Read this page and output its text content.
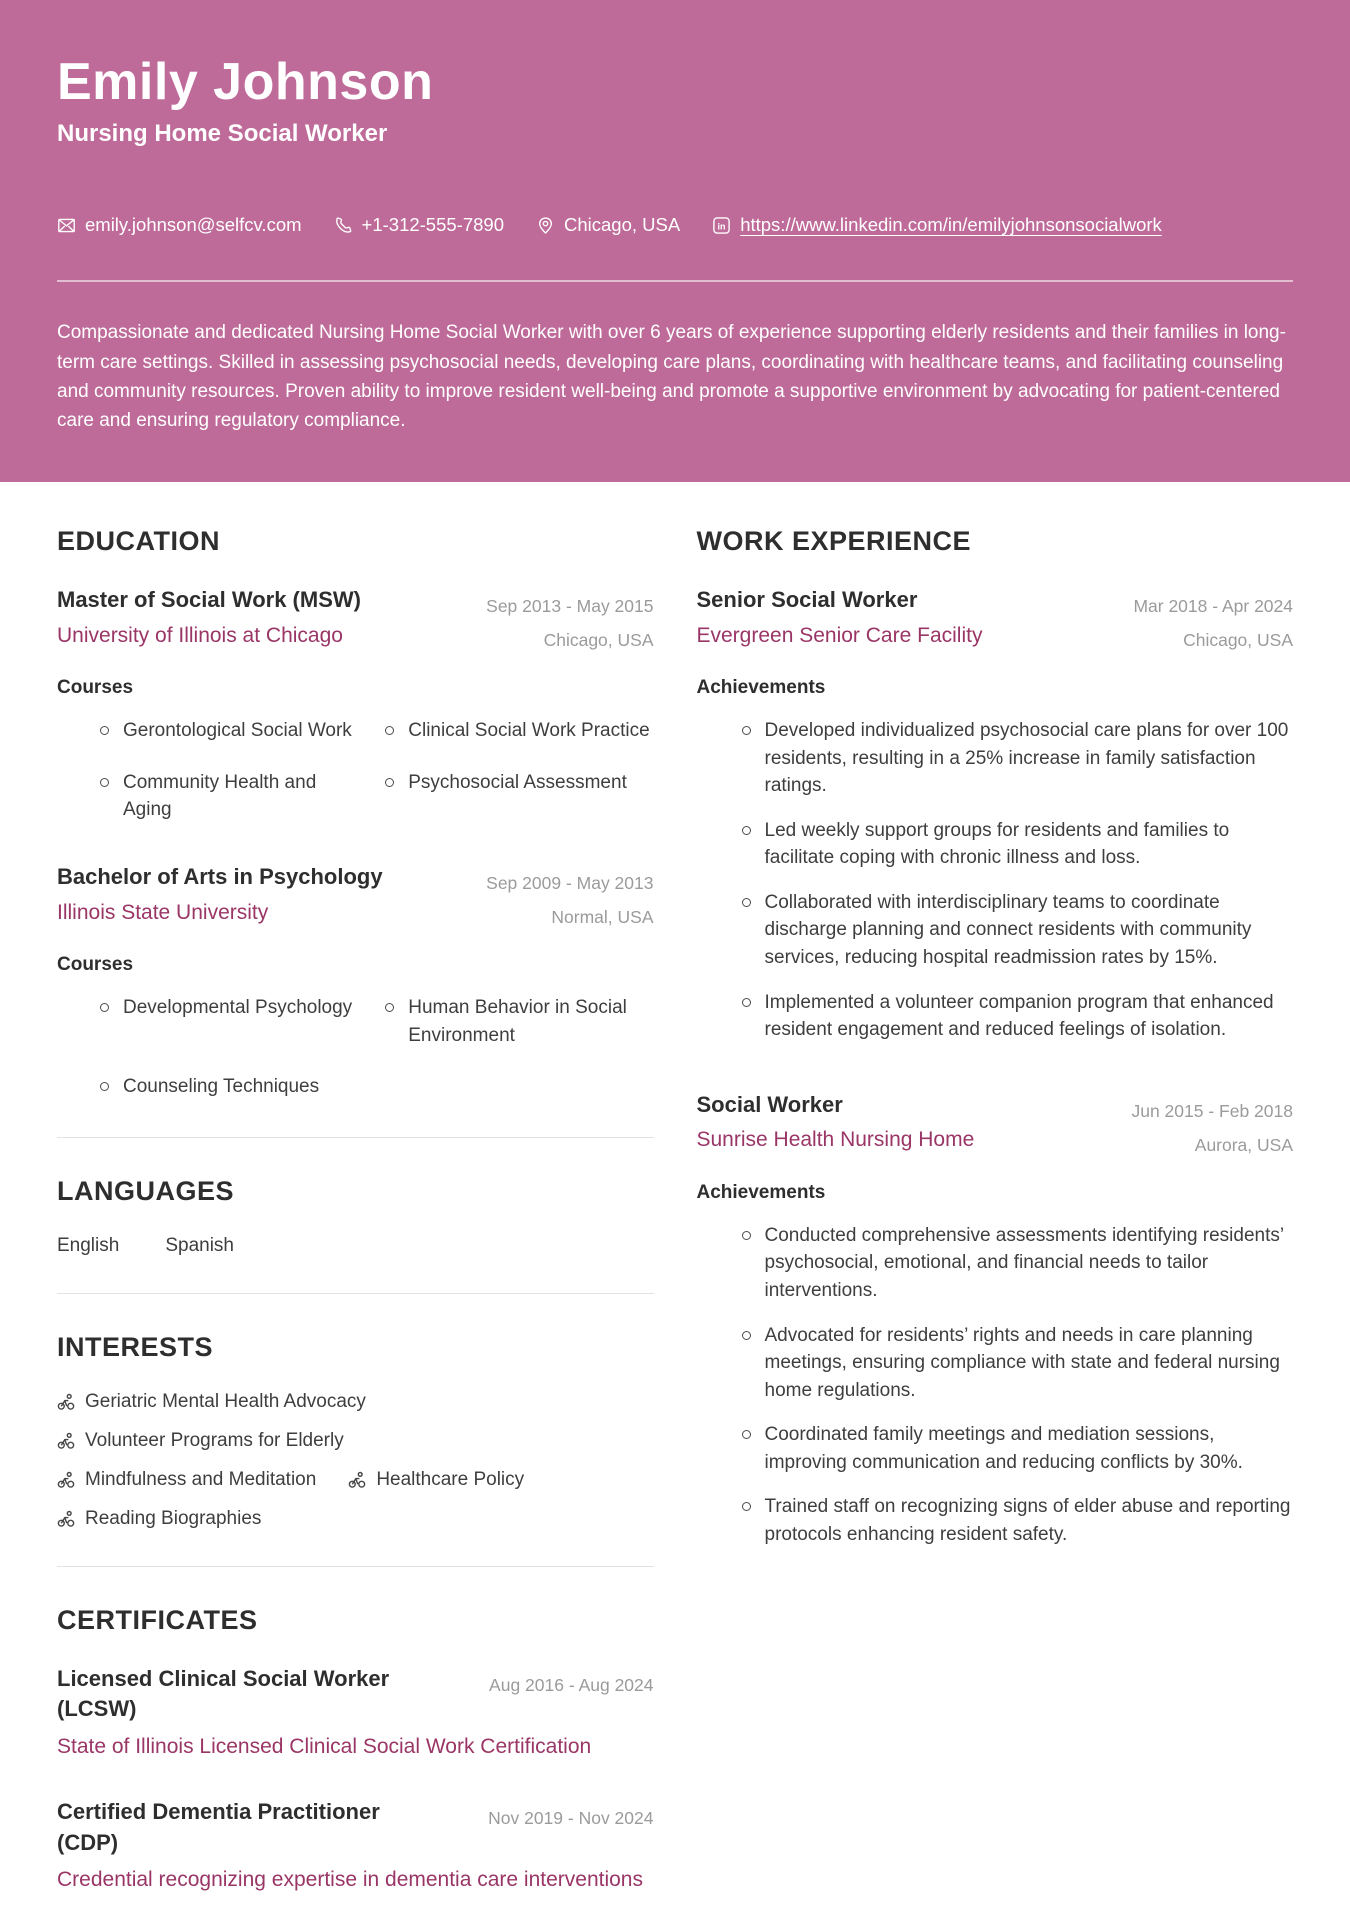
Emily Johnson
Nursing Home Social Worker
emily.johnson@selfcv.com	+1-312-555-7890	Chicago, USA	in https://www.linkedin.com/in/emilyjohnsonsocialwork

Compassionate and dedicated Nursing Home Social Worker with over 6 years of experience supporting elderly residents and their families in long-term care settings. Skilled in assessing psychosocial needs, developing care plans, coordinating with healthcare teams, and facilitating counseling and community resources. Proven ability to improve resident well-being and promote a supportive environment by advocating for patient-centered care and ensuring regulatory compliance.

EDUCATION
Master of Social Work (MSW)
University of Illinois at Chicago
Sep 2013 - May 2015
Chicago, USA
Courses
Gerontological Social Work	Clinical Social Work Practice
Community Health and Aging
Psychosocial Assessment
Bachelor of Arts in Psychology
Illinois State University
Sep 2009 - May 2013
Normal, USA
Courses
Developmental Psychology	Human Behavior in Social Environment
Counseling Techniques
LANGUAGES
English Spanish
INTERESTS
Geriatric Mental Health Advocacy
Volunteer Programs for Elderly
Mindfulness and Meditation	Healthcare Policy
Reading Biographies
CERTIFICATES
Licensed Clinical Social Worker (LCSW)
Aug 2016 - Aug 2024
State of Illinois Licensed Clinical Social Work Certification
Certified Dementia Practitioner (CDP)
Nov 2019 - Nov 2024
Credential recognizing expertise in dementia care interventions
WORK EXPERIENCE
Senior Social Worker
Evergreen Senior Care Facility
Mar 2018 - Apr 2024
Chicago, USA
Achievements
Developed individualized psychosocial care plans for over 100 residents, resulting in a 25% increase in family satisfaction ratings.
Led weekly support groups for residents and families to facilitate coping with chronic illness and loss.
Collaborated with interdisciplinary teams to coordinate discharge planning and connect residents with community services, reducing hospital readmission rates by 15%.
Implemented a volunteer companion program that enhanced resident engagement and reduced feelings of isolation.
Social Worker
Sunrise Health Nursing Home
Jun 2015 - Feb 2018
Aurora, USA
Achievements
Conducted comprehensive assessments identifying residents’ psychosocial, emotional, and financial needs to tailor interventions.
Advocated for residents’ rights and needs in care planning meetings, ensuring compliance with state and federal nursing home regulations.
Coordinated family meetings and mediation sessions, improving communication and reducing conflicts by 30%.
Trained staff on recognizing signs of elder abuse and reporting protocols enhancing resident safety.
